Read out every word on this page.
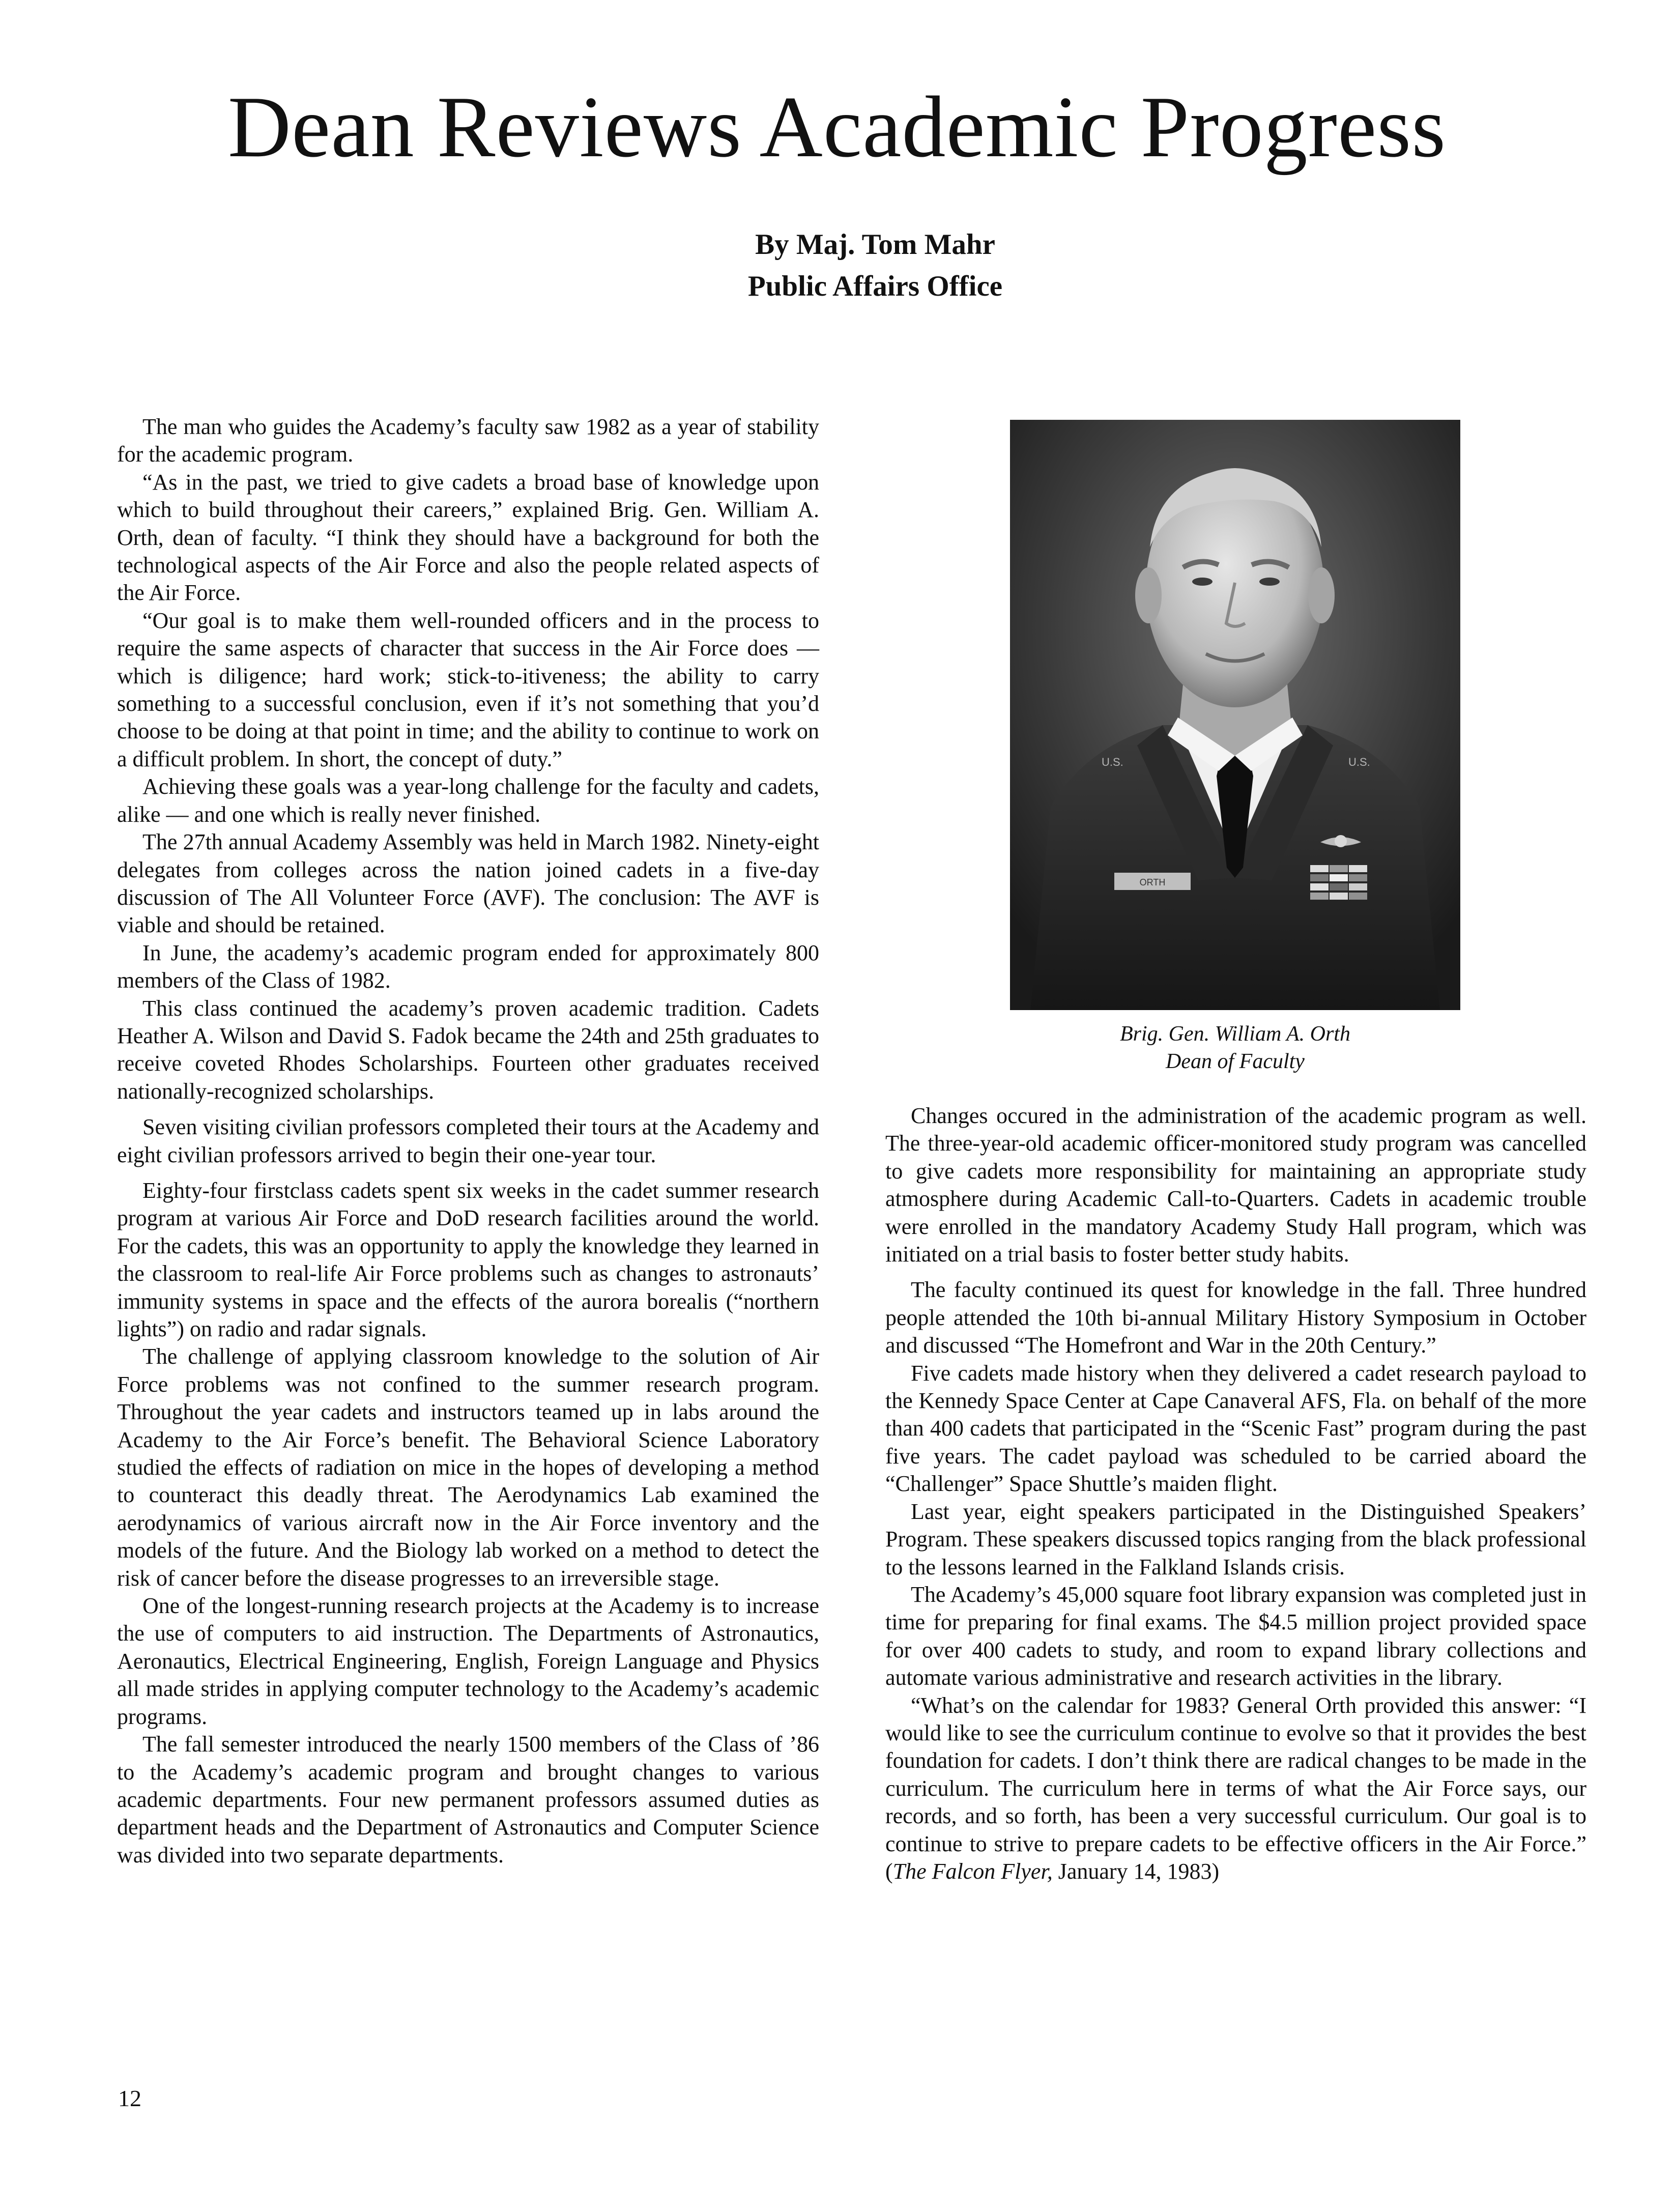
Dean Reviews Academic Progress
By Maj. Tom Mahr
Public Affairs Office

The man who guides the Academy’s faculty saw 1982 as a year of stability for the academic program.

“As in the past, we tried to give cadets a broad base of knowledge upon which to build throughout their careers,” explained Brig. Gen. William A. Orth, dean of faculty. “I think they should have a background for both the technological aspects of the Air Force and also the people related aspects of the Air Force.

“Our goal is to make them well-rounded officers and in the process to require the same aspects of character that success in the Air Force does — which is diligence; hard work; stick-to-itiveness; the ability to carry something to a successful conclusion, even if it’s not something that you’d choose to be doing at that point in time; and the ability to continue to work on a difficult problem. In short, the concept of duty.”

Achieving these goals was a year-long challenge for the faculty and cadets, alike — and one which is really never finished.

The 27th annual Academy Assembly was held in March 1982. Ninety-eight delegates from colleges across the nation joined cadets in a five-day discussion of The All Volunteer Force (AVF). The conclusion: The AVF is viable and should be retained.

In June, the academy’s academic program ended for approximately 800 members of the Class of 1982.

This class continued the academy’s proven academic tradition. Cadets Heather A. Wilson and David S. Fadok became the 24th and 25th graduates to receive coveted Rhodes Scholarships. Fourteen other graduates received nationally-recognized scholarships.

Seven visiting civilian professors completed their tours at the Academy and eight civilian professors arrived to begin their one-year tour.

Eighty-four firstclass cadets spent six weeks in the cadet summer research program at various Air Force and DoD research facilities around the world. For the cadets, this was an opportunity to apply the knowledge they learned in the classroom to real-life Air Force problems such as changes to astronauts’ immunity systems in space and the effects of the aurora borealis (“northern lights”) on radio and radar signals.

The challenge of applying classroom knowledge to the solution of Air Force problems was not confined to the summer research program. Throughout the year cadets and instructors teamed up in labs around the Academy to the Air Force’s benefit. The Behavioral Science Laboratory studied the effects of radiation on mice in the hopes of developing a method to counteract this deadly threat. The Aerodynamics Lab examined the aerodynamics of various aircraft now in the Air Force inventory and the models of the future. And the Biology lab worked on a method to detect the risk of cancer before the disease progresses to an irreversible stage.

One of the longest-running research projects at the Academy is to increase the use of computers to aid instruction. The Departments of Astronautics, Aeronautics, Electrical Engineering, English, Foreign Language and Physics all made strides in applying computer technology to the Academy’s academic programs.

The fall semester introduced the nearly 1500 members of the Class of ’86 to the Academy’s academic program and brought changes to various academic departments. Four new permanent professors assumed duties as department heads and the Department of Astronautics and Computer Science was divided into two separate departments.

ORTH
U.S.	U.S.
Brig. Gen. William A. Orth
Dean of Faculty

Changes occured in the administration of the academic program as well. The three-year-old academic officer-monitored study program was cancelled to give cadets more responsibility for maintaining an appropriate study atmosphere during Academic Call-to-Quarters. Cadets in academic trouble were enrolled in the mandatory Academy Study Hall program, which was initiated on a trial basis to foster better study habits.

The faculty continued its quest for knowledge in the fall. Three hundred people attended the 10th bi-annual Military History Symposium in October and discussed “The Homefront and War in the 20th Century.”

Five cadets made history when they delivered a cadet research payload to the Kennedy Space Center at Cape Canaveral AFS, Fla. on behalf of the more than 400 cadets that participated in the “Scenic Fast” program during the past five years. The cadet payload was scheduled to be carried aboard the “Challenger” Space Shuttle’s maiden flight.

Last year, eight speakers participated in the Distinguished Speakers’ Program. These speakers discussed topics ranging from the black professional to the lessons learned in the Falkland Islands crisis.

The Academy’s 45,000 square foot library expansion was completed just in time for preparing for final exams. The $4.5 million project provided space for over 400 cadets to study, and room to expand library collections and automate various administrative and research activities in the library.

“What’s on the calendar for 1983? General Orth provided this answer: “I would like to see the curriculum continue to evolve so that it provides the best foundation for cadets. I don’t think there are radical changes to be made in the curriculum. The curriculum here in terms of what the Air Force says, our records, and so forth, has been a very successful curriculum. Our goal is to continue to strive to prepare cadets to be effective officers in the Air Force.” (The Falcon Flyer, January 14, 1983)

12
